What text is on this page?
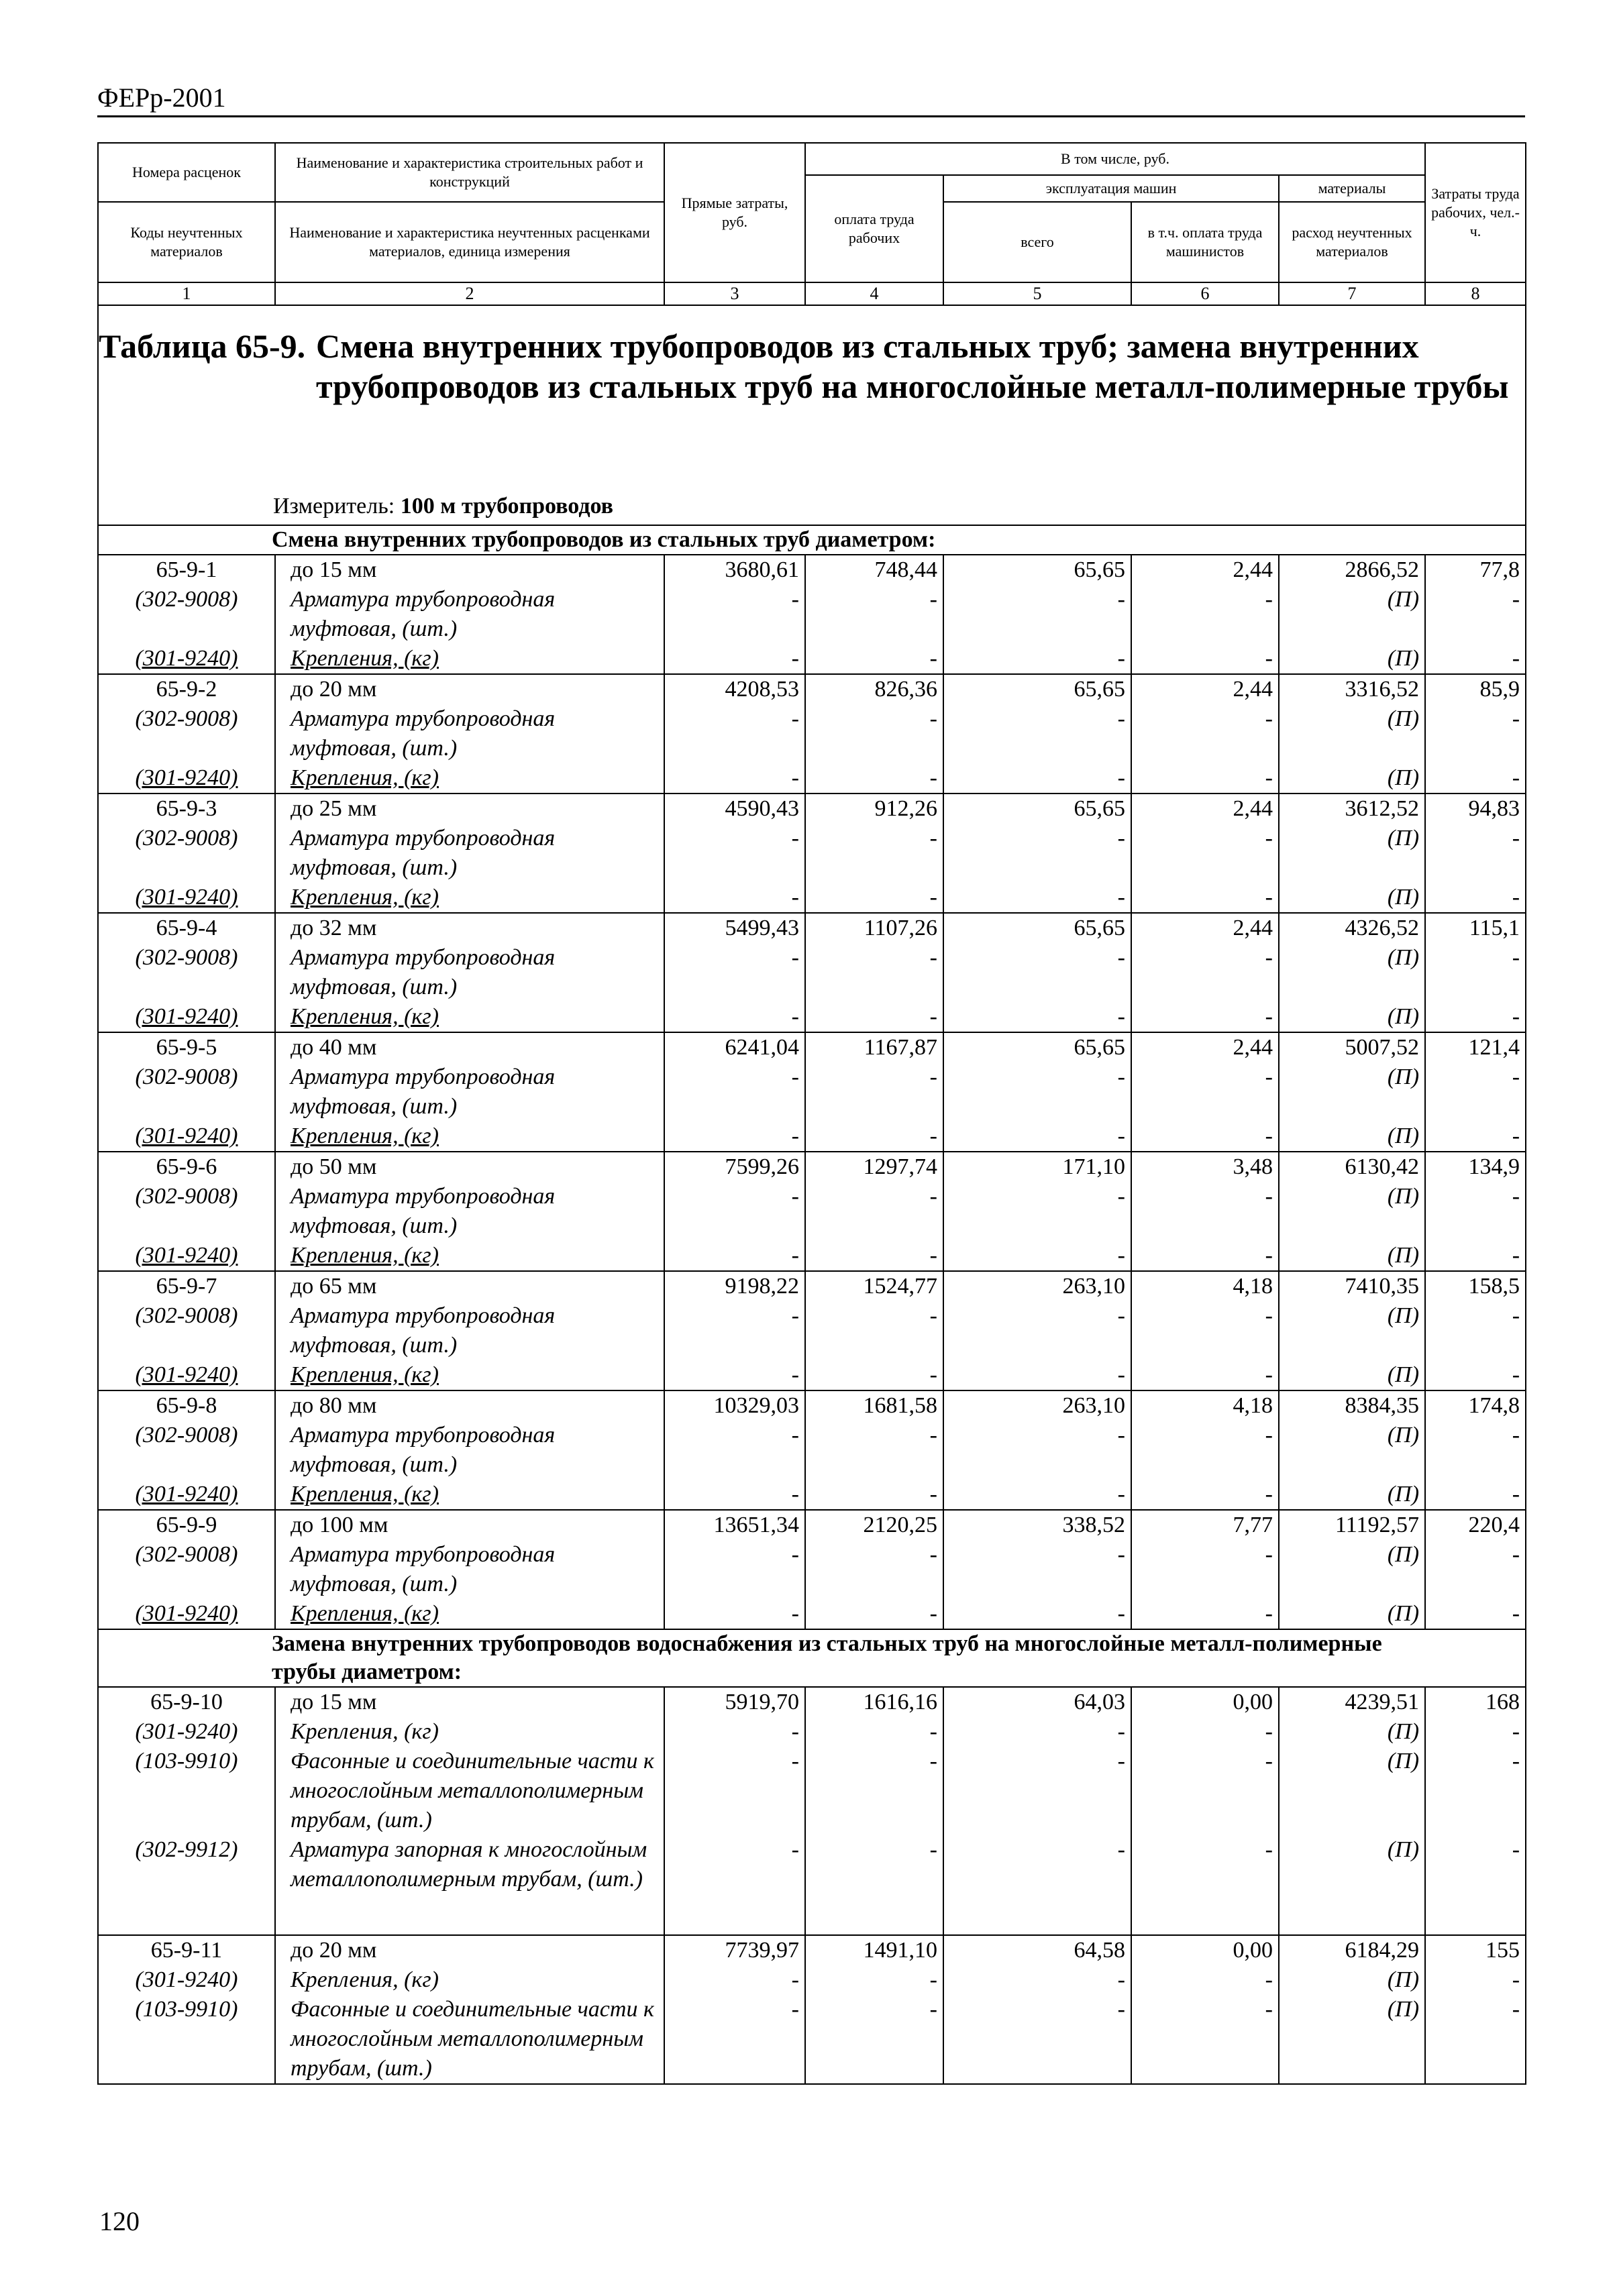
ФЕРр-2001
Номера расценок	Наименование и характеристика строительных работ и конструкций	Прямые затраты, руб.	В том числе, руб.				Затраты труда рабочих, чел.-ч.
			оплата труда рабочих	эксплуатация машин		материалы	
Коды неучтенных материалов	Наименование и характеристика неучтенных расценками материалов, единица измерения			всего	в т.ч. оплата труда машинистов	расход неучтенных материалов	

1	2	3	4	5	6	7	8

Таблица 65-9. Смена внутренних трубопроводов из стальных труб; замена внутренних трубопроводов из стальных труб на многослойные металл-полимерные трубы
Измеритель: 100 м трубопроводов							

Смена внутренних трубопроводов из стальных труб диаметром:							

65-9-1	до 15 мм	3680,61	748,44	65,65	2,44	2866,52	77,8
(302-9008)	Арматура трубопроводная муфтовая, (шт.)	-	-	-	-	(П)	-
(301-9240)	Крепления, (кг)	-	-	-	-	(П)	-
65-9-2	до 20 мм	4208,53	826,36	65,65	2,44	3316,52	85,9
(302-9008)	Арматура трубопроводная муфтовая, (шт.)	-	-	-	-	(П)	-
(301-9240)	Крепления, (кг)	-	-	-	-	(П)	-
65-9-3	до 25 мм	4590,43	912,26	65,65	2,44	3612,52	94,83
(302-9008)	Арматура трубопроводная муфтовая, (шт.)	-	-	-	-	(П)	-
(301-9240)	Крепления, (кг)	-	-	-	-	(П)	-
65-9-4	до 32 мм	5499,43	1107,26	65,65	2,44	4326,52	115,1
(302-9008)	Арматура трубопроводная муфтовая, (шт.)	-	-	-	-	(П)	-
(301-9240)	Крепления, (кг)	-	-	-	-	(П)	-
65-9-5	до 40 мм	6241,04	1167,87	65,65	2,44	5007,52	121,4
(302-9008)	Арматура трубопроводная муфтовая, (шт.)	-	-	-	-	(П)	-
(301-9240)	Крепления, (кг)	-	-	-	-	(П)	-
65-9-6	до 50 мм	7599,26	1297,74	171,10	3,48	6130,42	134,9
(302-9008)	Арматура трубопроводная муфтовая, (шт.)	-	-	-	-	(П)	-
(301-9240)	Крепления, (кг)	-	-	-	-	(П)	-
65-9-7	до 65 мм	9198,22	1524,77	263,10	4,18	7410,35	158,5
(302-9008)	Арматура трубопроводная муфтовая, (шт.)	-	-	-	-	(П)	-
(301-9240)	Крепления, (кг)	-	-	-	-	(П)	-
65-9-8	до 80 мм	10329,03	1681,58	263,10	4,18	8384,35	174,8
(302-9008)	Арматура трубопроводная муфтовая, (шт.)	-	-	-	-	(П)	-
(301-9240)	Крепления, (кг)	-	-	-	-	(П)	-
65-9-9	до 100 мм	13651,34	2120,25	338,52	7,77	11192,57	220,4
(302-9008)	Арматура трубопроводная муфтовая, (шт.)	-	-	-	-	(П)	-
(301-9240)	Крепления, (кг)	-	-	-	-	(П)	-

Замена внутренних трубопроводов водоснабжения из стальных труб на многослойные металл-полимерные трубы диаметром:							

65-9-10	до 15 мм	5919,70	1616,16	64,03	0,00	4239,51	168
(301-9240)	Крепления, (кг)	-	-	-	-	(П)	-
(103-9910)	Фасонные и соединительные части к многослойным металлополимерным трубам, (шт.)	-	-	-	-	(П)	-
(302-9912)	Арматура запорная к многослойным металлополимерным трубам, (шт.)	-	-	-	-	(П)	-
65-9-11	до 20 мм	7739,97	1491,10	64,58	0,00	6184,29	155
(301-9240)	Крепления, (кг)	-	-	-	-	(П)	-
(103-9910)	Фасонные и соединительные части к многослойным металлополимерным трубам, (шт.)	-	-	-	-	(П)	-
120
